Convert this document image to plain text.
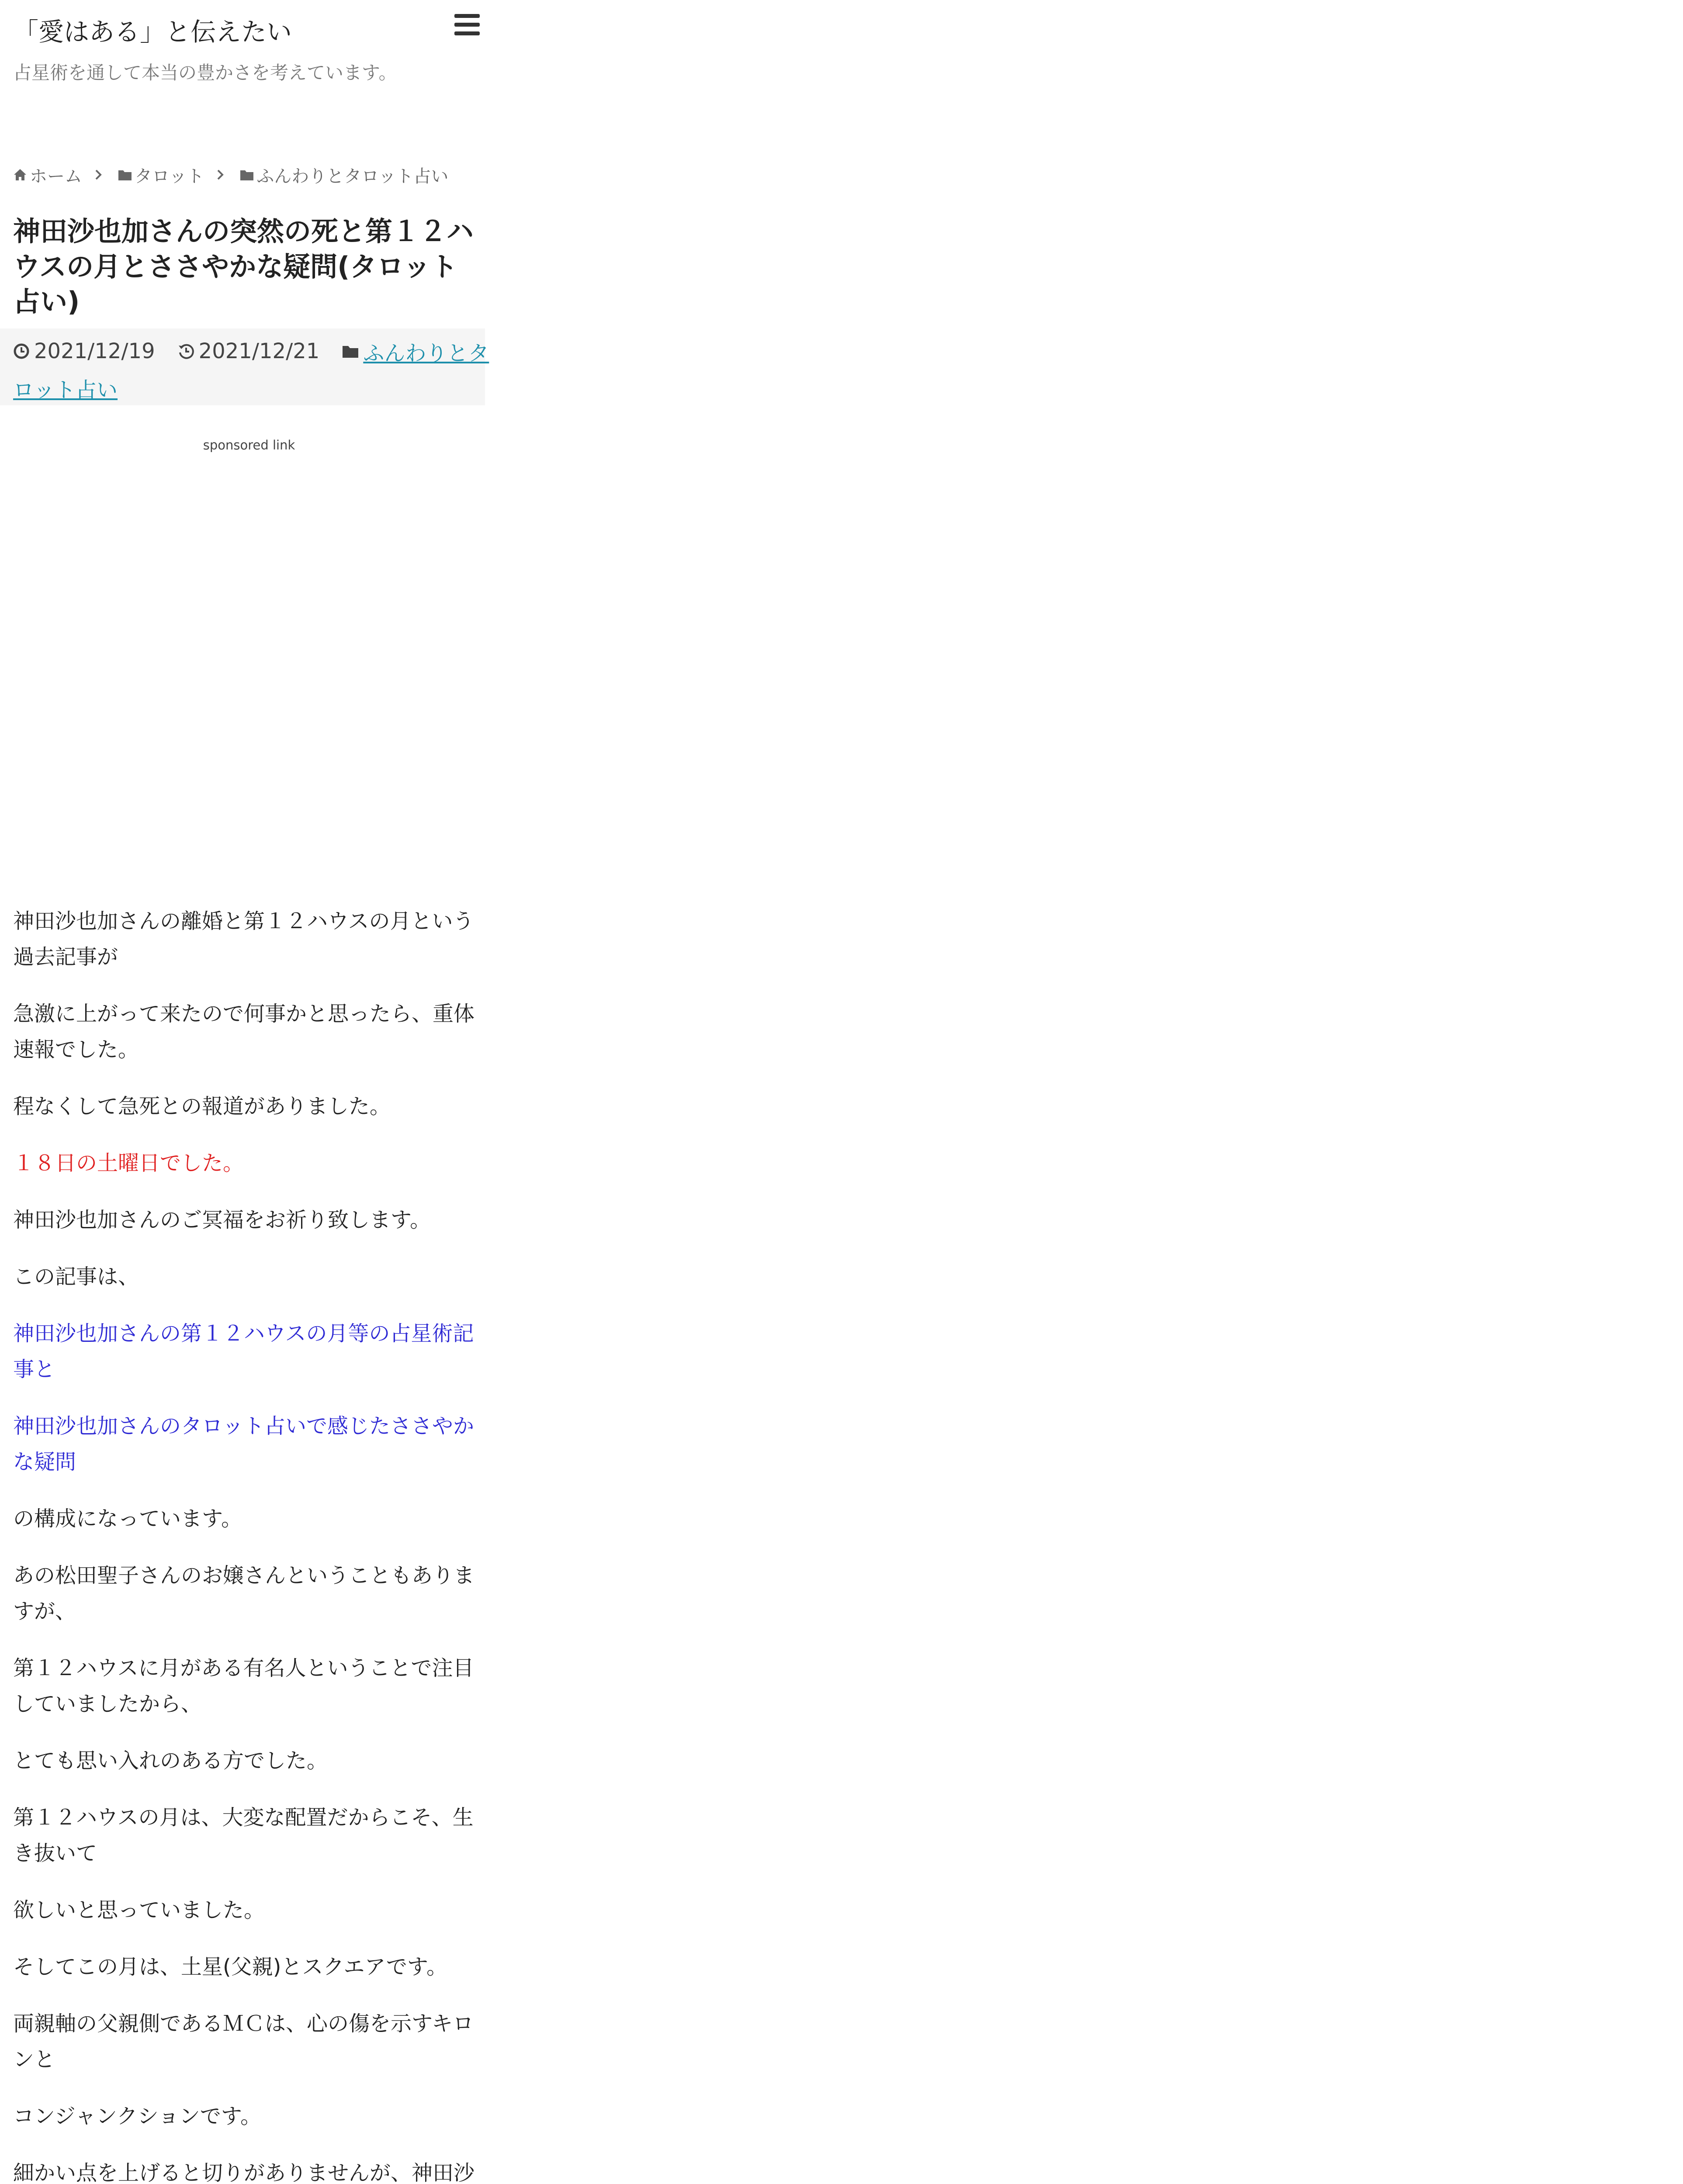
「愛はある」と伝えたい
占星術を通して本当の豊かさを考えています。
ホーム	タロット	ふんわりとタロット占い
神田沙也加さんの突然の死と第１２ハウスの月とささやかな疑問(タロット占い)
2021/12/19 2021/12/21 ふんわりとタ
ロット占い
sponsored link

神田沙也加さんの離婚と第１２ハウスの月という過去記事が

急激に上がって来たので何事かと思ったら、重体速報でした。

程なくして急死との報道がありました。

１８日の土曜日でした。

神田沙也加さんのご冥福をお祈り致します。

この記事は、

神田沙也加さんの第１２ハウスの月等の占星術記事と

神田沙也加さんのタロット占いで感じたささやかな疑問

の構成になっています。

あの松田聖子さんのお嬢さんということもありますが、

第１２ハウスに月がある有名人ということで注目していましたから、

とても思い入れのある方でした。

第１２ハウスの月は、大変な配置だからこそ、生き抜いて

欲しいと思っていました。

そしてこの月は、土星(父親)とスクエアです。

両親軸の父親側であるＭＣは、心の傷を示すキロンと

コンジャンクションです。

細かい点を上げると切りがありませんが、神田沙
